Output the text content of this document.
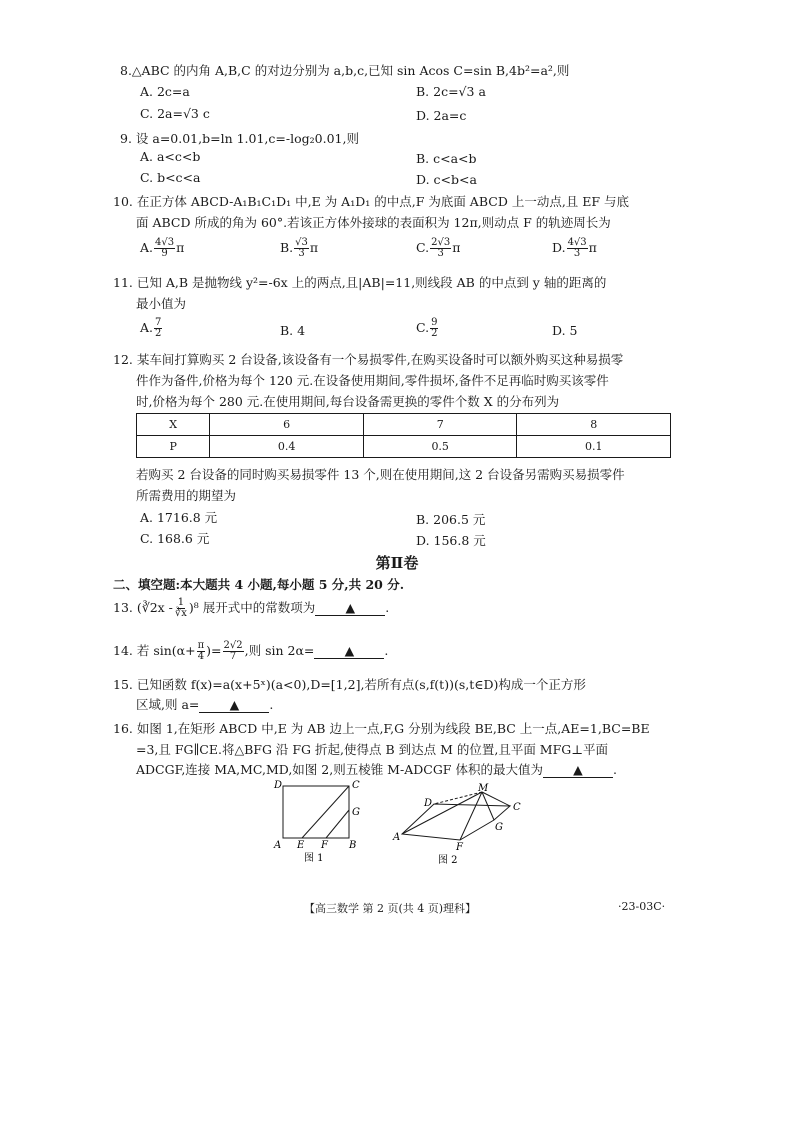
8.△ABC 的内角 A,B,C 的对边分别为 a,b,c,已知 sin Acos C=sin B,4b²=a²,则
A. 2c=a	B. 2c=√3 a
C. 2a=√3 c	D. 2a=c
9. 设 a=0.01,b=ln 1.01,c=-log₂0.01,则
A. a<c<b	B. c<a<b
C. b<c<a	D. c<b<a
10. 在正方体 ABCD-A₁B₁C₁D₁ 中,E 为 A₁D₁ 的中点,F 为底面 ABCD 上一动点,且 EF 与底
面 ABCD 所成的角为 60°.若该正方体外接球的表面积为 12π,则动点 F 的轨迹周长为
A. $\frac{4√3}{9}$ π	B. $\frac{√3}{3}$ π	C. $\frac{2√3}{3}$ π	D. $\frac{4√3}{3}$ π
11. 已知 A,B 是抛物线 y²=-6x 上的两点,且|AB|=11,则线段 AB 的中点到 y 轴的距离的
最小值为
A. $\frac{7}{2}$	B. 4	C. $\frac{9}{2}$	D. 5
12. 某车间打算购买 2 台设备,该设备有一个易损零件,在购买设备时可以额外购买这种易损零
件作为备件,价格为每个 120 元.在设备使用期间,零件损坏,备件不足再临时购买该零件
时,价格为每个 280 元.在使用期间,每台设备需更换的零件个数 X 的分布列为
X	6	7	8
P	0.4	0.5	0.1
若购买 2 台设备的同时购买易损零件 13 个,则在使用期间,这 2 台设备另需购买易损零件
所需费用的期望为
A. 1716.8 元	B. 206.5 元
C. 168.6 元	D. 156.8 元
第Ⅱ卷
二、填空题:本大题共 4 小题,每小题 5 分,共 20 分.
13. (∛2x - $\frac{1}{∛x} )^8$ 展开式中的常数项为 ▲ .
14. 若 $\sin(\alpha+ \frac{\pi}{4}$ )= $\frac{2√2}{7}$ ,则 sin 2α= ▲ .
15. 已知函数 f(x)=a(x+5ˣ)(a<0),D=[1,2],若所有点(s,f(t))(s,t∈D)构成一个正方形
区域,则 a= ▲ .
16. 如图 1,在矩形 ABCD 中,E 为 AB 边上一点,F,G 分别为线段 BE,BC 上一点,AE=1,BC=BE
=3,且 FG∥CE.将△BFG 沿 FG 折起,使得点 B 到达点 M 的位置,且平面 MFG⊥平面
ADCGF,连接 MA,MC,MD,如图 2,则五棱锥 M-ADCGF 体积的最大值为 ▲ .
D	C
G
A E F B
图 1
M
D	C
G
A
F
图 2
【高三数学 第 2 页(共 4 页)理科】	·23-03C·
